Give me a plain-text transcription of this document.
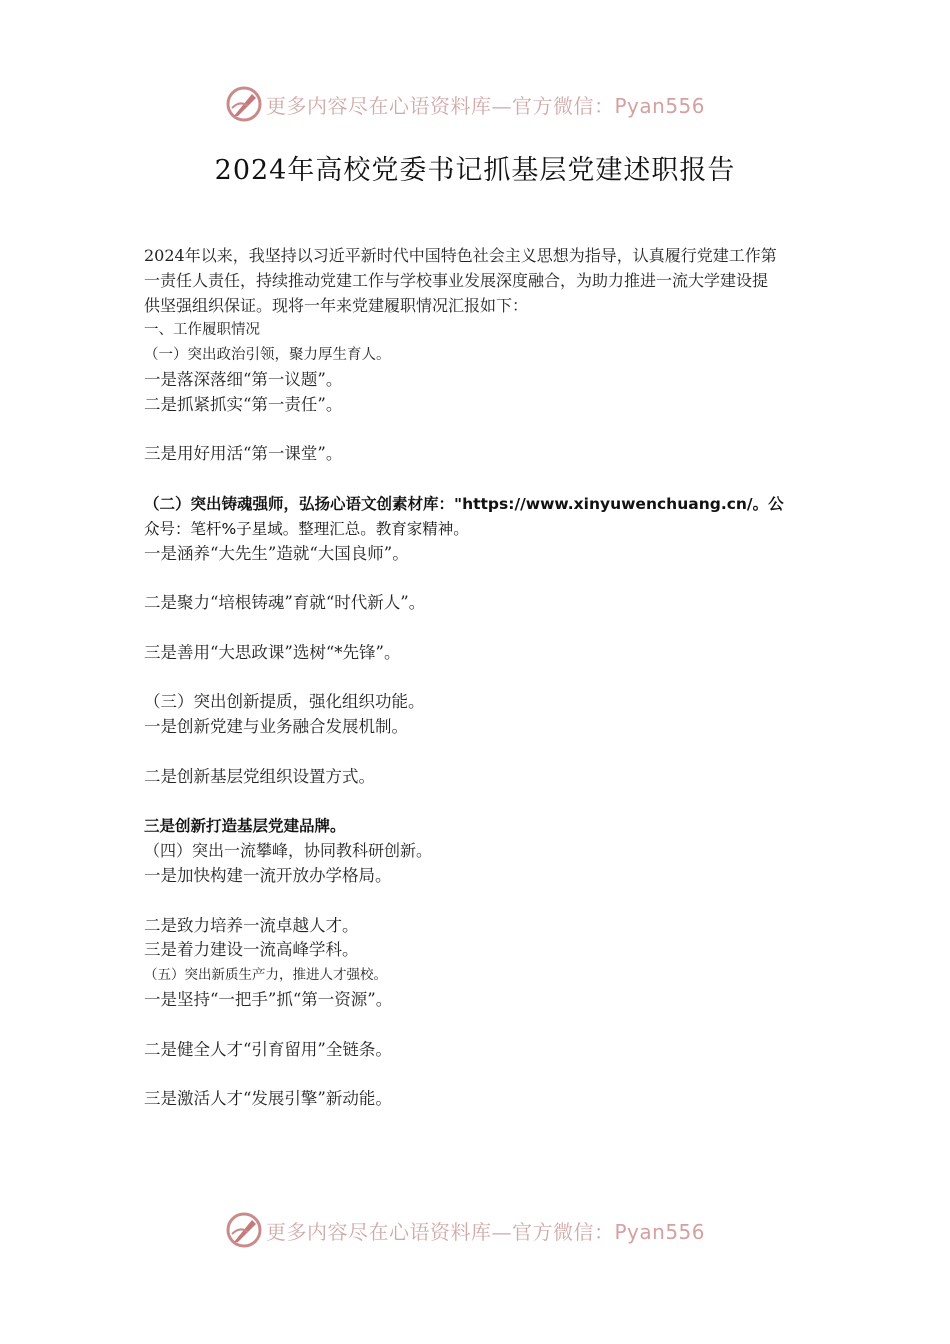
更多内容尽在心语资料库—官方微信：Pyan556
2024年高校党委书记抓基层党建述职报告
2024年以来，我坚持以习近平新时代中国特色社会主义思想为指导，认真履行党建工作第
一责任人责任，持续推动党建工作与学校事业发展深度融合，为助力推进一流大学建设提
供坚强组织保证。现将一年来党建履职情况汇报如下：
一、工作履职情况
（一）突出政治引领，聚力厚生育人。
一是落深落细“第一议题”。
二是抓紧抓实“第一责任”。
三是用好用活“第一课堂”。
（二）突出铸魂强师，弘扬心语文创素材库："https://www.xinyuwenchuang.cn/。公
众号：笔杆%子星域。整理汇总。教育家精神。
一是涵养“大先生”造就“大国良师”。
二是聚力“培根铸魂”育就“时代新人”。
三是善用“大思政课”选树“*先锋”。
（三）突出创新提质，强化组织功能。
一是创新党建与业务融合发展机制。
二是创新基层党组织设置方式。
三是创新打造基层党建品牌。
（四）突出一流攀峰，协同教科研创新。
一是加快构建一流开放办学格局。
二是致力培养一流卓越人才。
三是着力建设一流高峰学科。
（五）突出新质生产力，推进人才强校。
一是坚持“一把手”抓“第一资源”。
二是健全人才“引育留用”全链条。
三是激活人才“发展引擎”新动能。
更多内容尽在心语资料库—官方微信：Pyan556
